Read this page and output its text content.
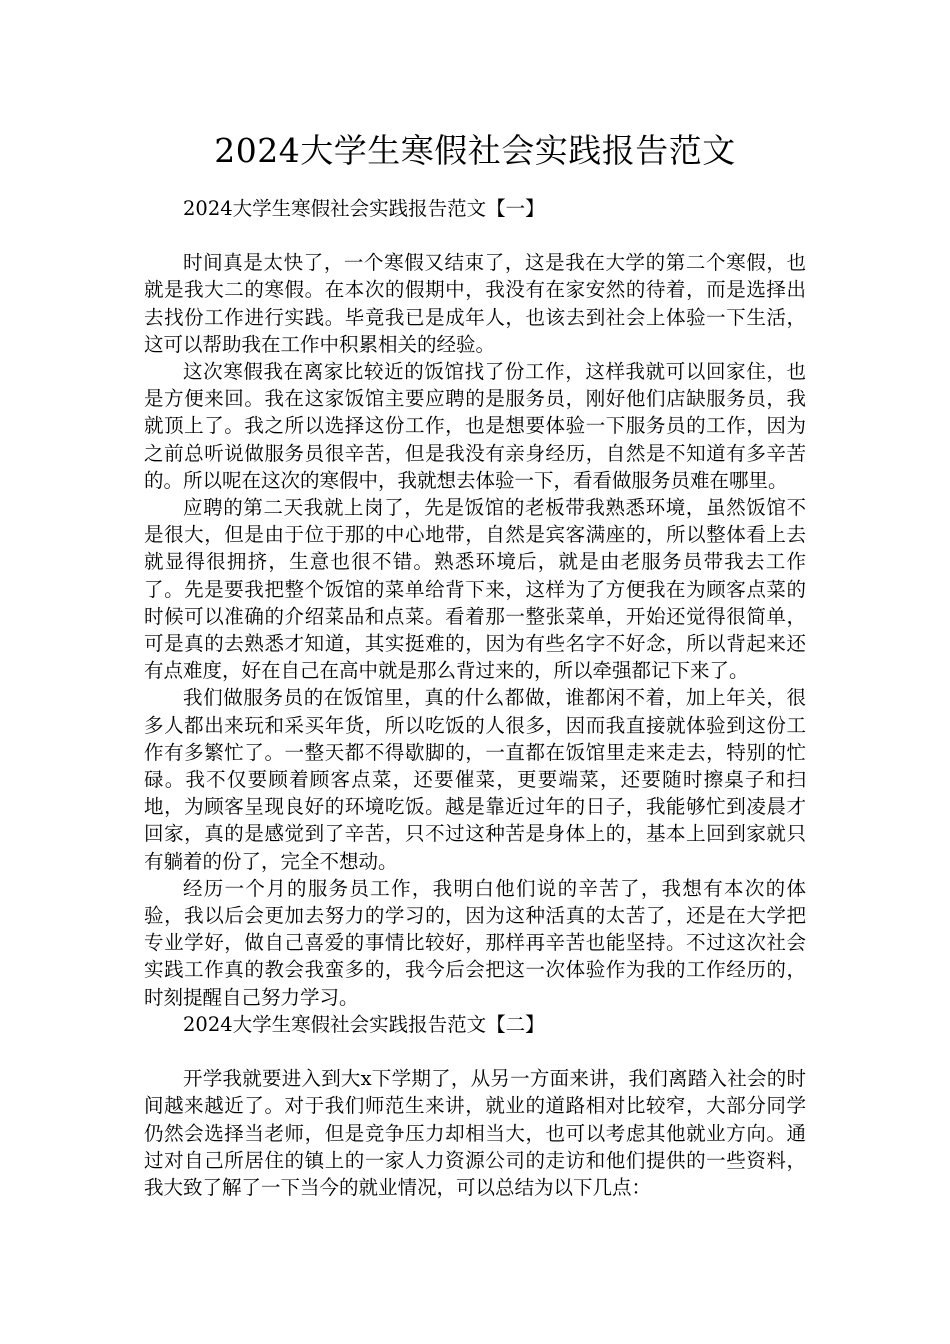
2024大学生寒假社会实践报告范文

2024大学生寒假社会实践报告范文【一】

时间真是太快了，一个寒假又结束了，这是我在大学的第二个寒假，也就是我大二的寒假。在本次的假期中，我没有在家安然的待着，而是选择出去找份工作进行实践。毕竟我已是成年人，也该去到社会上体验一下生活，这可以帮助我在工作中积累相关的经验。

这次寒假我在离家比较近的饭馆找了份工作，这样我就可以回家住，也是方便来回。我在这家饭馆主要应聘的是服务员，刚好他们店缺服务员，我就顶上了。我之所以选择这份工作，也是想要体验一下服务员的工作，因为之前总听说做服务员很辛苦，但是我没有亲身经历，自然是不知道有多辛苦的。所以呢在这次的寒假中，我就想去体验一下，看看做服务员难在哪里。

应聘的第二天我就上岗了，先是饭馆的老板带我熟悉环境，虽然饭馆不是很大，但是由于位于那的中心地带，自然是宾客满座的，所以整体看上去就显得很拥挤，生意也很不错。熟悉环境后，就是由老服务员带我去工作了。先是要我把整个饭馆的菜单给背下来，这样为了方便我在为顾客点菜的时候可以准确的介绍菜品和点菜。看着那一整张菜单，开始还觉得很简单，可是真的去熟悉才知道，其实挺难的，因为有些名字不好念，所以背起来还有点难度，好在自己在高中就是那么背过来的，所以牵强都记下来了。

我们做服务员的在饭馆里，真的什么都做，谁都闲不着，加上年关，很多人都出来玩和采买年货，所以吃饭的人很多，因而我直接就体验到这份工作有多繁忙了。一整天都不得歇脚的，一直都在饭馆里走来走去，特别的忙碌。我不仅要顾着顾客点菜，还要催菜，更要端菜，还要随时擦桌子和扫地，为顾客呈现良好的环境吃饭。越是靠近过年的日子，我能够忙到凌晨才回家，真的是感觉到了辛苦，只不过这种苦是身体上的，基本上回到家就只有躺着的份了，完全不想动。

经历一个月的服务员工作，我明白他们说的辛苦了，我想有本次的体验，我以后会更加去努力的学习的，因为这种活真的太苦了，还是在大学把专业学好，做自己喜爱的事情比较好，那样再辛苦也能坚持。不过这次社会实践工作真的教会我蛮多的，我今后会把这一次体验作为我的工作经历的，时刻提醒自己努力学习。

2024大学生寒假社会实践报告范文【二】

开学我就要进入到大x下学期了，从另一方面来讲，我们离踏入社会的时间越来越近了。对于我们师范生来讲，就业的道路相对比较窄，大部分同学仍然会选择当老师，但是竞争压力却相当大，也可以考虑其他就业方向。通过对自己所居住的镇上的一家人力资源公司的走访和他们提供的一些资料，我大致了解了一下当今的就业情况，可以总结为以下几点：
